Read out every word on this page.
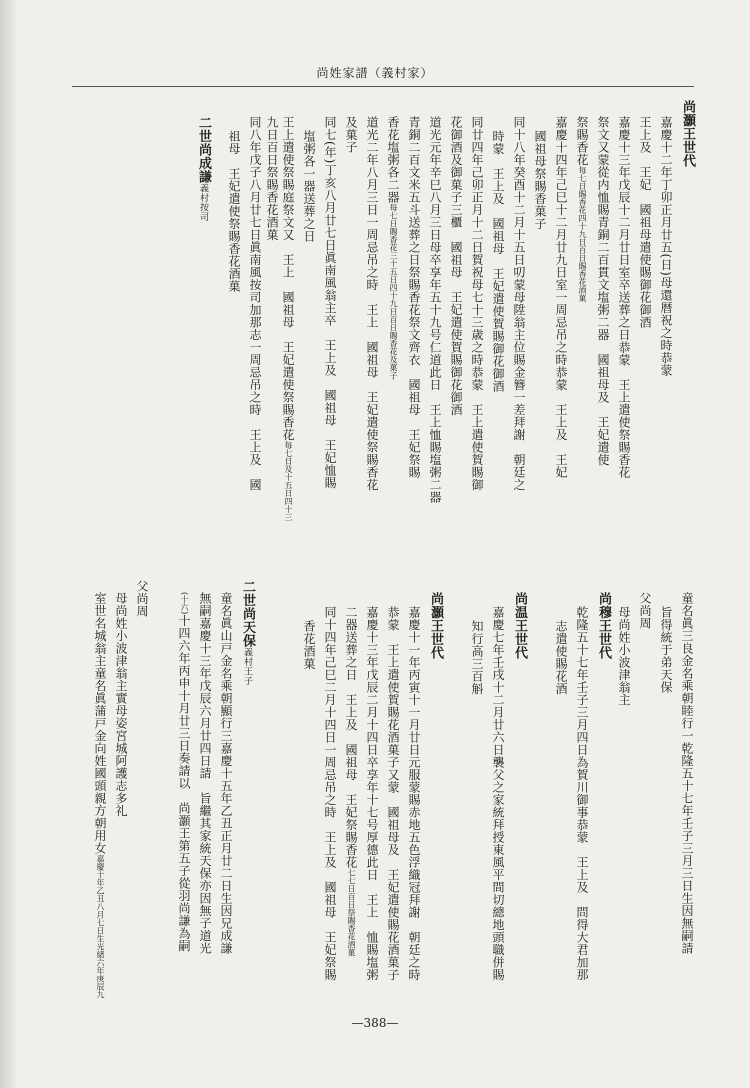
尚姓家譜（義村家）
尚灝王世代
嘉慶十二年丁卯正月廿五(日)母還暦祝之時恭蒙
王上及　王妃　國祖母遣使賜御花御酒
嘉慶十三年戊辰十二月廿日室卒送葬之日恭蒙　王上遣使祭賜香花
祭文又蒙從内恤賜青銅二百貫文塩粥二器　國祖母及　王妃遣使
祭賜香花每七日賜香花四十九日百日賜香花酒菓
嘉慶十四年己巳十二月廿九日室一周忌吊之時恭蒙　王上及　王妃
國祖母祭賜香菓子
同十八年癸酉十二月十五日叨蒙母陞翁主位賜金簪一差拜謝　朝廷之
時蒙　王上及　國祖母　王妃遣使賀賜御花御酒
同廿四年己卯正月十二日賀祝母七十三歳之時恭蒙　王上遣使賀賜御
花御酒及御菓子三櫃　國祖母　王妃遣使賀賜御花御酒
道光元年辛巳八月三日母卒享年五十九号仁道此日　王上恤賜塩粥二器
青銅二百文米五斗送葬之日祭賜香花祭文齊衣　國祖母　王妃祭賜
香花塩粥各二器每七日賜香花三十五日四十九日百日賜香花及菓子
道光二年八月三日一周忌吊之時　王上　國祖母　王妃遣使祭賜香花
及菓子
同七(年)丁亥八月廿七日眞南風翁主卒　王上及　國祖母　王妃恤賜
塩粥各一器送葬之日
王上遣使祭賜庭祭文又　王上　國祖母　王妃遣使祭賜香花每七日及十五日四十三
九日百日祭賜香花酒菓
同八年戊子八月廿七日眞南風按司加那志一周忌吊之時　王上及　國
祖母　王妃遣使祭賜香花酒菓
二世尚成謙義村按司
童名眞三良金名乘朝睦行一乾隆五十七年壬子三月三日生因無嗣請
旨得統于弟天保
父尚周
母尚姓小波津翁主
尚穆王世代
乾隆五十七年壬子三月四日為賀川御事恭蒙　王上及　問得大君加那
志遣使賜花酒
尚温王世代
嘉慶七年壬戌十二月廿六日襲父之家統拜授東風平間切總地頭職併賜
知行高三百斛
尚灝王世代
嘉慶十一年丙寅十一月廿日元服蒙賜赤地五色浮織冠拜謝　朝廷之時
恭蒙　王上遣使賀賜花酒菓子又蒙　國祖母及　王妃遣使賜花酒菓子
嘉慶十三年戊辰二月十四日卒享年十七号厚德此日　王上　恤賜塩粥
二器送葬之日　王上及　國祖母　王妃祭賜香花七七日百日祭賜香花酒菓
同十四年己巳二月十四日一周忌吊之時　王上及　國祖母　王妃祭賜
香花酒菓
二世尚天保義村王子
童名眞山戸金名乘朝顯行三嘉慶十五年乙丑正月廿二日生因兄成謙
無嗣嘉慶十三年戊辰六月廿四日請　旨繼其家統天保亦因無子道光
(十六)十四六年丙申十月廿三日奏請以　尚灝王第五子從羽尚謙為嗣
父尚周
母尚姓小波津翁主實母姿宮城阿護志多礼
室世名城翁主童名眞蒲戸金向姓國頭親方朝用女嘉慶十年乙丑八月七日生光緒六年庚辰九
—388—
